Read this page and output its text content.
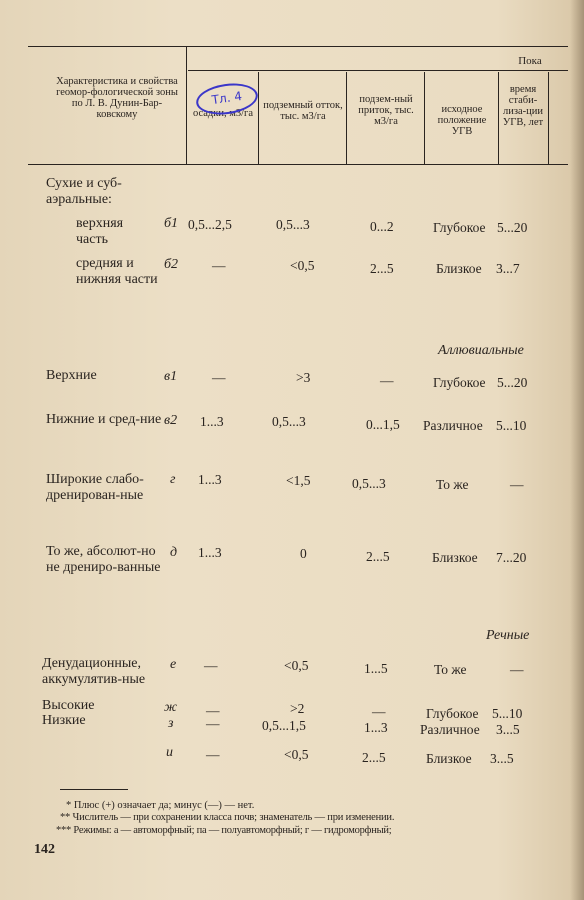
Характеристика и свойства геомор-фологической зоны по Л. В. Дунин-Бар-ковскому
Пока
осадки, м3/га
подземный отток, тыс. м3/га
подзем-ный приток, тыс. м3/га
исходное положение УГВ
время стаби-лиза-ции УГВ, лет
Тл. 4
Сухие и суб-аэральные:
Аллювиальные
Речные
верхняя часть
б1 0,5...2,5	0,5...3	0...2	Глубокое 5...20
средняя и нижняя части
б2	—	<0,5	2...5	Близкое 3...7
Верхние	в1	—	>3	—	Глубокое 5...20
Нижние и сред-ние в2 1...3	0,5...3	0...1,5 Различное 5...10
Широкие слабо-дренирован-ные
г 1...3	<1,5	0,5...3	То же	—
То же, абсолют-но не дрениро-ванные
д 1...3	0	2...5	Близкое 7...20
Денудационные, аккумулятив-ные
е —	<0,5	1...5	То же	—
Высокие	ж —	>2	—	Глубокое 5...10
Низкие	з —	0,5...1,5	1...3 Различное 3...5
и —	<0,5	2...5	Близкое 3...5
* Плюс (+) означает да; минус (—) — нет.
** Числитель — при сохранении класса почв; знаменатель — при изменении.
*** Режимы: а — автоморфный; па — полуавтоморфный; г — гидроморфный;
142
